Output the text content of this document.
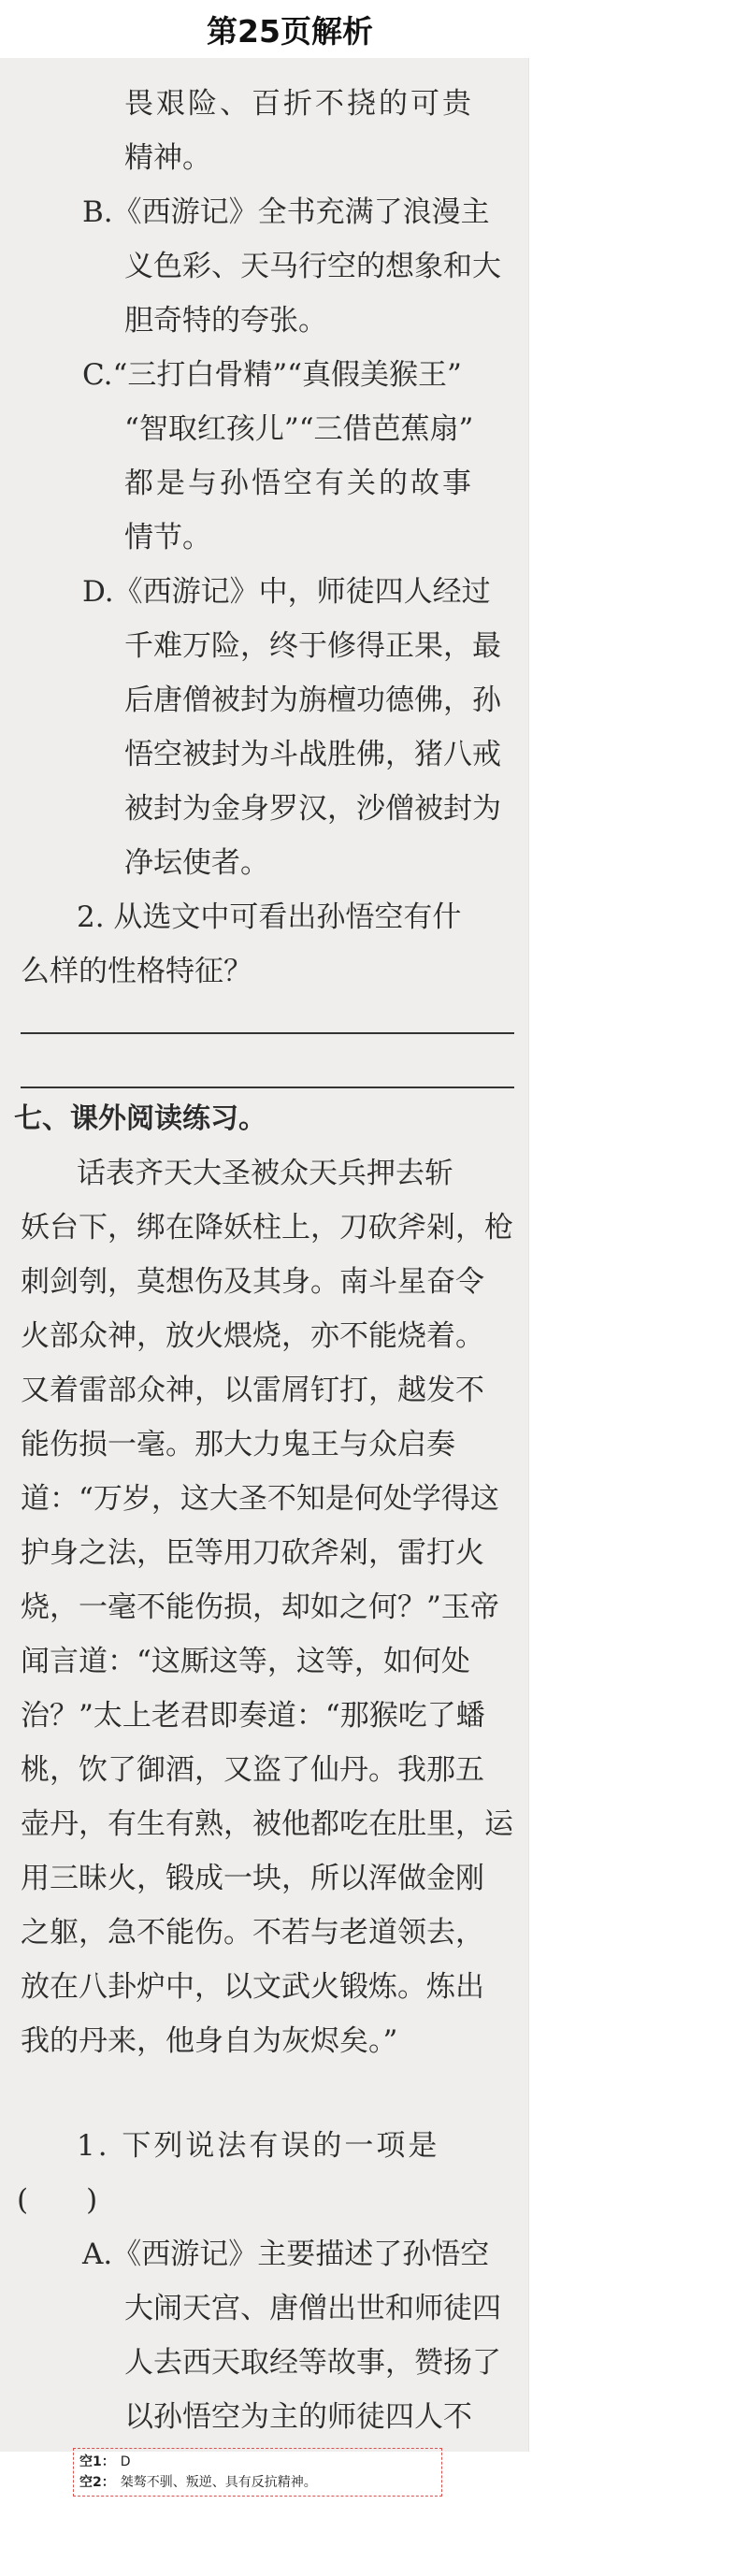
第25页解析
畏艰险、百折不挠的可贵
精神。
B.《西游记》全书充满了浪漫主
义色彩、天马行空的想象和大
胆奇特的夸张。
C.“三打白骨精”“真假美猴王”
“智取红孩儿”“三借芭蕉扇”
都是与孙悟空有关的故事
情节。
D.《西游记》中，师徒四人经过
千难万险，终于修得正果，最
后唐僧被封为旃檀功德佛，孙
悟空被封为斗战胜佛，猪八戒
被封为金身罗汉，沙僧被封为
净坛使者。
2. 从选文中可看出孙悟空有什
么样的性格特征？
七、课外阅读练习。
话表齐天大圣被众天兵押去斩
妖台下，绑在降妖柱上，刀砍斧剁，枪
刺剑刳，莫想伤及其身。南斗星奋令
火部众神，放火煨烧，亦不能烧着。
又着雷部众神，以雷屑钉打，越发不
能伤损一毫。那大力鬼王与众启奏
道：“万岁，这大圣不知是何处学得这
护身之法，臣等用刀砍斧剁，雷打火
烧，一毫不能伤损，却如之何？”玉帝
闻言道：“这厮这等，这等，如何处
治？”太上老君即奏道：“那猴吃了蟠
桃，饮了御酒，又盗了仙丹。我那五
壶丹，有生有熟，被他都吃在肚里，运
用三昧火，锻成一块，所以浑做金刚
之躯，急不能伤。不若与老道领去，
放在八卦炉中，以文武火锻炼。炼出
我的丹来，他身自为灰烬矣。”
1. 下列说法有误的一项是
(　　)
A.《西游记》主要描述了孙悟空
大闹天宫、唐僧出世和师徒四
人去西天取经等故事，赞扬了
以孙悟空为主的师徒四人不
空1： D
空2： 桀骜不驯、叛逆、具有反抗精神。
